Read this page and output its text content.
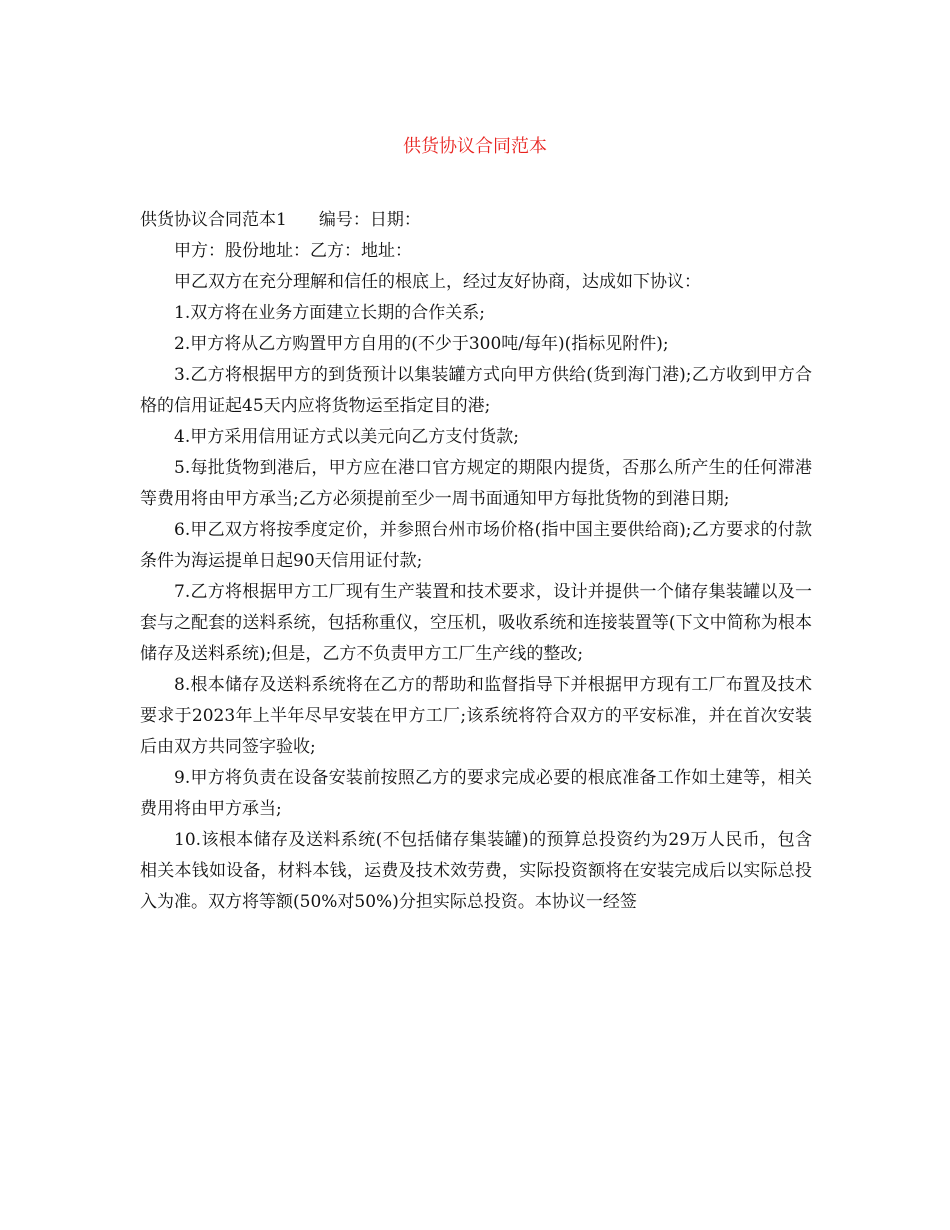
供货协议合同范本

供货协议合同范本1 编号：日期：

甲方：股份地址：乙方：地址：

甲乙双方在充分理解和信任的根底上，经过友好协商，达成如下协议：

1.双方将在业务方面建立长期的合作关系;

2.甲方将从乙方购置甲方自用的(不少于300吨/每年)(指标见附件);

3.乙方将根据甲方的到货预计以集装罐方式向甲方供给(货到海门港);乙方收到甲方合格的信用证起45天内应将货物运至指定目的港;

4.甲方采用信用证方式以美元向乙方支付货款;

5.每批货物到港后，甲方应在港口官方规定的期限内提货，否那么所产生的任何滞港等费用将由甲方承当;乙方必须提前至少一周书面通知甲方每批货物的到港日期;

6.甲乙双方将按季度定价，并参照台州市场价格(指中国主要供给商);乙方要求的付款条件为海运提单日起90天信用证付款;

7.乙方将根据甲方工厂现有生产装置和技术要求，设计并提供一个储存集装罐以及一套与之配套的送料系统，包括称重仪，空压机，吸收系统和连接装置等(下文中简称为根本储存及送料系统);但是，乙方不负责甲方工厂生产线的整改;

8.根本储存及送料系统将在乙方的帮助和监督指导下并根据甲方现有工厂布置及技术要求于2023年上半年尽早安装在甲方工厂;该系统将符合双方的平安标准，并在首次安装后由双方共同签字验收;

9.甲方将负责在设备安装前按照乙方的要求完成必要的根底准备工作如土建等，相关费用将由甲方承当;

10.该根本储存及送料系统(不包括储存集装罐)的预算总投资约为29万人民币，包含相关本钱如设备，材料本钱，运费及技术效劳费，实际投资额将在安装完成后以实际总投入为准。双方将等额(50%对50%)分担实际总投资。本协议一经签
